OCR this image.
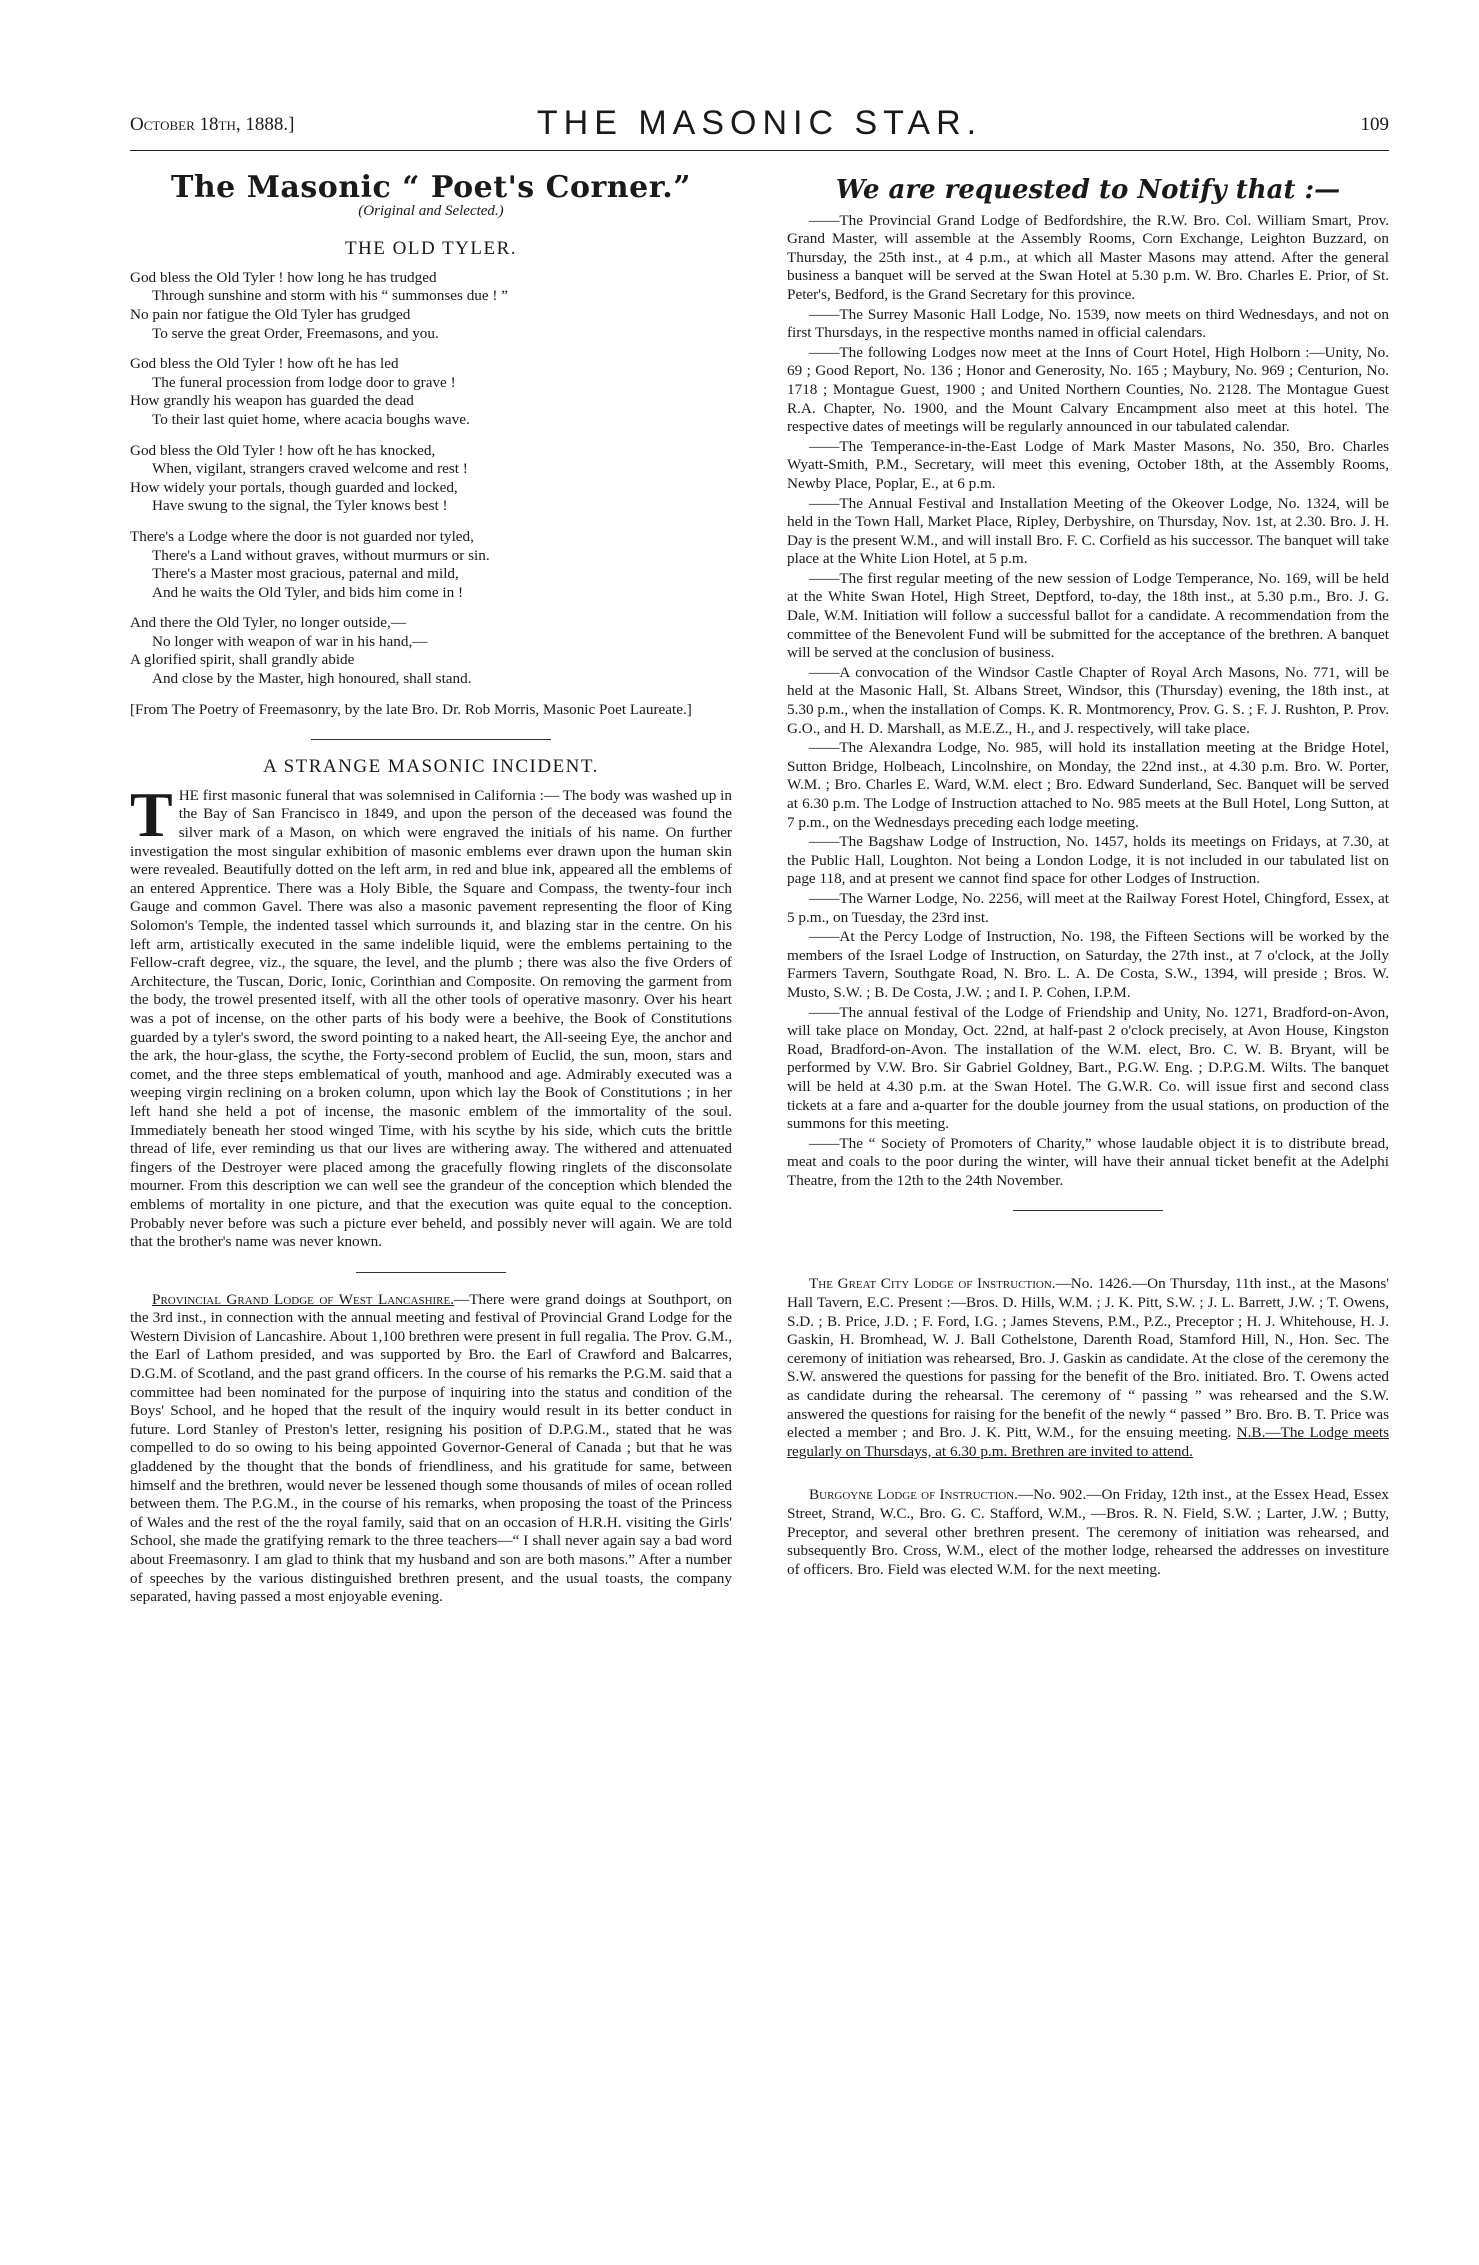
October 18th, 1888.]	THE MASONIC STAR.	109
The Masonic “ Poet's Corner.”
(Original and Selected.)
THE OLD TYLER.

God bless the Old Tyler ! how long he has trudged

Through sunshine and storm with his “ summonses due ! ”

No pain nor fatigue the Old Tyler has grudged

To serve the great Order, Freemasons, and you.

God bless the Old Tyler ! how oft he has led

The funeral procession from lodge door to grave !

How grandly his weapon has guarded the dead

To their last quiet home, where acacia boughs wave.

God bless the Old Tyler ! how oft he has knocked,

When, vigilant, strangers craved welcome and rest !

How widely your portals, though guarded and locked,

Have swung to the signal, the Tyler knows best !

There's a Lodge where the door is not guarded nor tyled,

There's a Land without graves, without murmurs or sin.

There's a Master most gracious, paternal and mild,

And he waits the Old Tyler, and bids him come in !

And there the Old Tyler, no longer outside,—

No longer with weapon of war in his hand,—

A glorified spirit, shall grandly abide

And close by the Master, high honoured, shall stand.

[From The Poetry of Freemasonry, by the late Bro. Dr. Rob Morris, Masonic Poet Laureate.]

A STRANGE MASONIC INCIDENT.

THE first masonic funeral that was solemnised in California :— The body was washed up in the Bay of San Francisco in 1849, and upon the person of the deceased was found the silver mark of a Mason, on which were engraved the initials of his name. On further investigation the most singular exhibition of masonic emblems ever drawn upon the human skin were revealed. Beautifully dotted on the left arm, in red and blue ink, appeared all the emblems of an entered Apprentice. There was a Holy Bible, the Square and Compass, the twenty-four inch Gauge and common Gavel. There was also a masonic pavement representing the floor of King Solomon's Temple, the indented tassel which surrounds it, and blazing star in the centre. On his left arm, artistically executed in the same indelible liquid, were the emblems pertaining to the Fellow-craft degree, viz., the square, the level, and the plumb ; there was also the five Orders of Architecture, the Tuscan, Doric, Ionic, Corinthian and Composite. On removing the garment from the body, the trowel presented itself, with all the other tools of operative masonry. Over his heart was a pot of incense, on the other parts of his body were a beehive, the Book of Constitutions guarded by a tyler's sword, the sword pointing to a naked heart, the All-seeing Eye, the anchor and the ark, the hour-glass, the scythe, the Forty-second problem of Euclid, the sun, moon, stars and comet, and the three steps emblematical of youth, manhood and age. Admirably executed was a weeping virgin reclining on a broken column, upon which lay the Book of Constitutions ; in her left hand she held a pot of incense, the masonic emblem of the immortality of the soul. Immediately beneath her stood winged Time, with his scythe by his side, which cuts the brittle thread of life, ever reminding us that our lives are withering away. The withered and attenuated fingers of the Destroyer were placed among the gracefully flowing ringlets of the disconsolate mourner. From this description we can well see the grandeur of the conception which blended the emblems of mortality in one picture, and that the execution was quite equal to the conception. Probably never before was such a picture ever beheld, and possibly never will again. We are told that the brother's name was never known.

Provincial Grand Lodge of West Lancashire.—There were grand doings at Southport, on the 3rd inst., in connection with the annual meeting and festival of Provincial Grand Lodge for the Western Division of Lancashire. About 1,100 brethren were present in full regalia. The Prov. G.M., the Earl of Lathom presided, and was supported by Bro. the Earl of Crawford and Balcarres, D.G.M. of Scotland, and the past grand officers. In the course of his remarks the P.G.M. said that a committee had been nominated for the purpose of inquiring into the status and condition of the Boys' School, and he hoped that the result of the inquiry would result in its better conduct in future. Lord Stanley of Preston's letter, resigning his position of D.P.G.M., stated that he was compelled to do so owing to his being appointed Governor-General of Canada ; but that he was gladdened by the thought that the bonds of friendliness, and his gratitude for same, between himself and the brethren, would never be lessened though some thousands of miles of ocean rolled between them. The P.G.M., in the course of his remarks, when proposing the toast of the Princess of Wales and the rest of the the royal family, said that on an occasion of H.R.H. visiting the Girls' School, she made the gratifying remark to the three teachers—“ I shall never again say a bad word about Freemasonry. I am glad to think that my husband and son are both masons.” After a number of speeches by the various distinguished brethren present, and the usual toasts, the company separated, having passed a most enjoyable evening.

We are requested to Notify that :—

—— The Provincial Grand Lodge of Bedfordshire, the R.W. Bro. Col. William Smart, Prov. Grand Master, will assemble at the Assembly Rooms, Corn Exchange, Leighton Buzzard, on Thursday, the 25th inst., at 4 p.m., at which all Master Masons may attend. After the general business a banquet will be served at the Swan Hotel at 5.30 p.m. W. Bro. Charles E. Prior, of St. Peter's, Bedford, is the Grand Secretary for this province.

—— The Surrey Masonic Hall Lodge, No. 1539, now meets on third Wednesdays, and not on first Thursdays, in the respective months named in official calendars.

—— The following Lodges now meet at the Inns of Court Hotel, High Holborn :—Unity, No. 69 ; Good Report, No. 136 ; Honor and Generosity, No. 165 ; Maybury, No. 969 ; Centurion, No. 1718 ; Montague Guest, 1900 ; and United Northern Counties, No. 2128. The Montague Guest R.A. Chapter, No. 1900, and the Mount Calvary Encampment also meet at this hotel. The respective dates of meetings will be regularly announced in our tabulated calendar.

—— The Temperance-in-the-East Lodge of Mark Master Masons, No. 350, Bro. Charles Wyatt-Smith, P.M., Secretary, will meet this evening, October 18th, at the Assembly Rooms, Newby Place, Poplar, E., at 6 p.m.

—— The Annual Festival and Installation Meeting of the Okeover Lodge, No. 1324, will be held in the Town Hall, Market Place, Ripley, Derbyshire, on Thursday, Nov. 1st, at 2.30. Bro. J. H. Day is the present W.M., and will install Bro. F. C. Corfield as his successor. The banquet will take place at the White Lion Hotel, at 5 p.m.

—— The first regular meeting of the new session of Lodge Temperance, No. 169, will be held at the White Swan Hotel, High Street, Deptford, to-day, the 18th inst., at 5.30 p.m., Bro. J. G. Dale, W.M. Initiation will follow a successful ballot for a candidate. A recommendation from the committee of the Benevolent Fund will be submitted for the acceptance of the brethren. A banquet will be served at the conclusion of business.

—— A convocation of the Windsor Castle Chapter of Royal Arch Masons, No. 771, will be held at the Masonic Hall, St. Albans Street, Windsor, this (Thursday) evening, the 18th inst., at 5.30 p.m., when the installation of Comps. K. R. Montmorency, Prov. G. S. ; F. J. Rushton, P. Prov. G.O., and H. D. Marshall, as M.E.Z., H., and J. respectively, will take place.

—— The Alexandra Lodge, No. 985, will hold its installation meeting at the Bridge Hotel, Sutton Bridge, Holbeach, Lincolnshire, on Monday, the 22nd inst., at 4.30 p.m. Bro. W. Porter, W.M. ; Bro. Charles E. Ward, W.M. elect ; Bro. Edward Sunderland, Sec. Banquet will be served at 6.30 p.m. The Lodge of Instruction attached to No. 985 meets at the Bull Hotel, Long Sutton, at 7 p.m., on the Wednesdays preceding each lodge meeting.

—— The Bagshaw Lodge of Instruction, No. 1457, holds its meetings on Fridays, at 7.30, at the Public Hall, Loughton. Not being a London Lodge, it is not included in our tabulated list on page 118, and at present we cannot find space for other Lodges of Instruction.

—— The Warner Lodge, No. 2256, will meet at the Railway Forest Hotel, Chingford, Essex, at 5 p.m., on Tuesday, the 23rd inst.

—— At the Percy Lodge of Instruction, No. 198, the Fifteen Sections will be worked by the members of the Israel Lodge of Instruction, on Saturday, the 27th inst., at 7 o'clock, at the Jolly Farmers Tavern, Southgate Road, N. Bro. L. A. De Costa, S.W., 1394, will preside ; Bros. W. Musto, S.W. ; B. De Costa, J.W. ; and I. P. Cohen, I.P.M.

—— The annual festival of the Lodge of Friendship and Unity, No. 1271, Bradford-on-Avon, will take place on Monday, Oct. 22nd, at half-past 2 o'clock precisely, at Avon House, Kingston Road, Bradford-on-Avon. The installation of the W.M. elect, Bro. C. W. B. Bryant, will be performed by V.W. Bro. Sir Gabriel Goldney, Bart., P.G.W. Eng. ; D.P.G.M. Wilts. The banquet will be held at 4.30 p.m. at the Swan Hotel. The G.W.R. Co. will issue first and second class tickets at a fare and a-quarter for the double journey from the usual stations, on production of the summons for this meeting.

—— The “ Society of Promoters of Charity,” whose laudable object it is to distribute bread, meat and coals to the poor during the winter, will have their annual ticket benefit at the Adelphi Theatre, from the 12th to the 24th November.

The Great City Lodge of Instruction.—No. 1426.—On Thursday, 11th inst., at the Masons' Hall Tavern, E.C. Present :—Bros. D. Hills, W.M. ; J. K. Pitt, S.W. ; J. L. Barrett, J.W. ; T. Owens, S.D. ; B. Price, J.D. ; F. Ford, I.G. ; James Stevens, P.M., P.Z., Preceptor ; H. J. Whitehouse, H. J. Gaskin, H. Bromhead, W. J. Ball Cothelstone, Darenth Road, Stamford Hill, N., Hon. Sec. The ceremony of initiation was rehearsed, Bro. J. Gaskin as candidate. At the close of the ceremony the S.W. answered the questions for passing for the benefit of the Bro. initiated. Bro. T. Owens acted as candidate during the rehearsal. The ceremony of “ passing ” was rehearsed and the S.W. answered the questions for raising for the benefit of the newly “ passed ” Bro. Bro. B. T. Price was elected a member ; and Bro. J. K. Pitt, W.M., for the ensuing meeting. N.B.—The Lodge meets regularly on Thursdays, at 6.30 p.m. Brethren are invited to attend.

Burgoyne Lodge of Instruction.—No. 902.—On Friday, 12th inst., at the Essex Head, Essex Street, Strand, W.C., Bro. G. C. Stafford, W.M., —Bros. R. N. Field, S.W. ; Larter, J.W. ; Butty, Preceptor, and several other brethren present. The ceremony of initiation was rehearsed, and subsequently Bro. Cross, W.M., elect of the mother lodge, rehearsed the addresses on investiture of officers. Bro. Field was elected W.M. for the next meeting.
